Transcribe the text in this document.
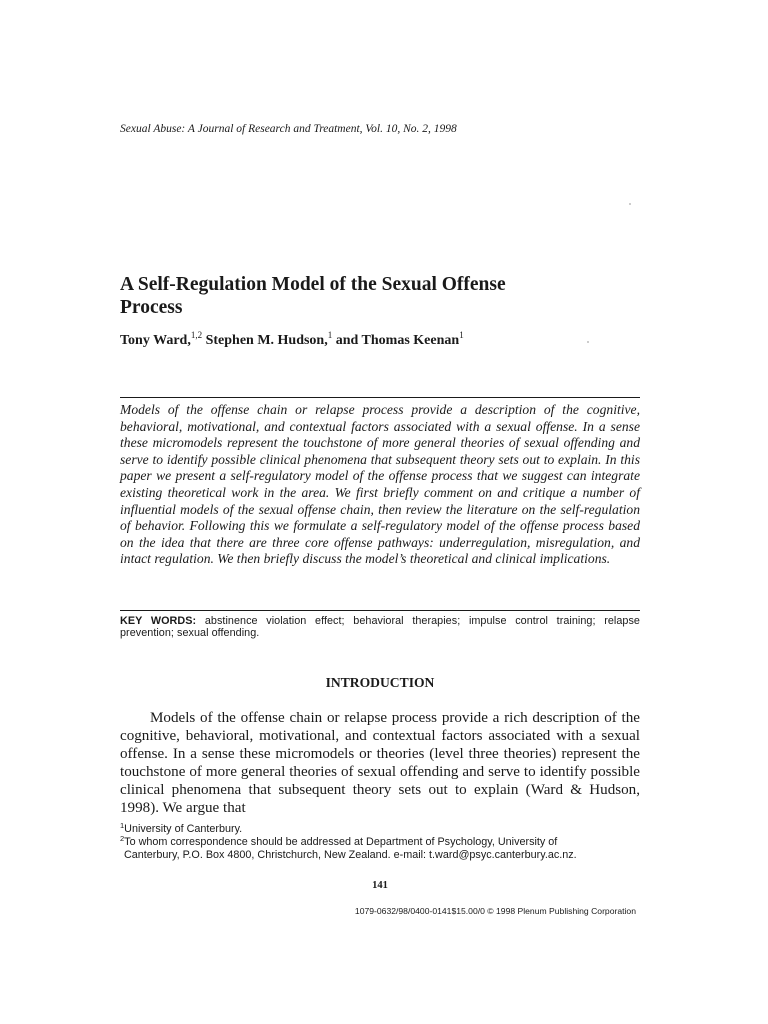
Sexual Abuse: A Journal of Research and Treatment, Vol. 10, No. 2, 1998
A Self-Regulation Model of the Sexual Offense
Process
Tony Ward,$^{1,2}$ Stephen M. Hudson,$^1$ and Thomas Keenan$^1$

Models of the offense chain or relapse process provide a description of the cognitive, behavioral, motivational, and contextual factors associated with a sexual offense. In a sense these micromodels represent the touchstone of more general theories of sexual offending and serve to identify possible clinical phenomena that subsequent theory sets out to explain. In this paper we present a self-regulatory model of the offense process that we suggest can integrate existing theoretical work in the area. We first briefly comment on and critique a number of influential models of the sexual offense chain, then review the literature on the self-regulation of behavior. Following this we formulate a self-regulatory model of the offense process based on the idea that there are three core offense pathways: underregulation, misregulation, and intact regulation. We then briefly discuss the model’s theoretical and clinical implications.

KEY WORDS: abstinence violation effect; behavioral therapies; impulse control training; relapse prevention; sexual offending.

INTRODUCTION

Models of the offense chain or relapse process provide a rich description of the cognitive, behavioral, motivational, and contextual factors associated with a sexual offense. In a sense these micromodels or theories (level three theories) represent the touchstone of more general theories of sexual offending and serve to identify possible clinical phenomena that subsequent theory sets out to explain (Ward & Hudson, 1998). We argue that

$^1$University of Canterbury.

$^2$To whom correspondence should be addressed at Department of Psychology, University of

Canterbury, P.O. Box 4800, Christchurch, New Zealand. e-mail: t.ward@psyc.canterbury.ac.nz.

141
1079-0632/98/0400-0141$15.00/0 © 1998 Plenum Publishing Corporation
